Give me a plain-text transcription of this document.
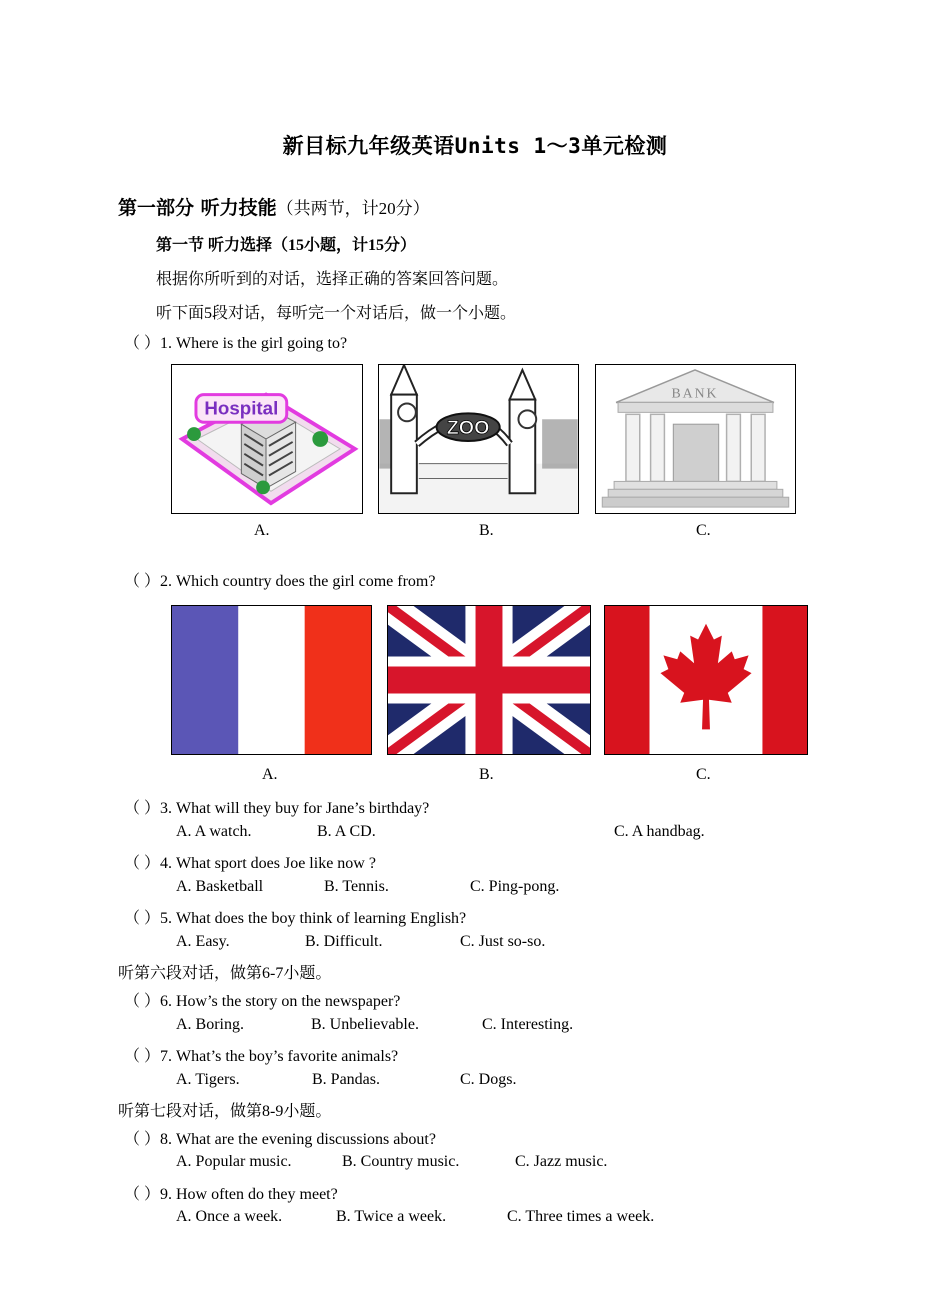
新目标九年级英语Units 1～3单元检测
第一部分 听力技能（共两节，计20分）
第一节 听力选择（15小题，计15分）
根据你所听到的对话，选择正确的答案回答问题。
听下面5段对话，每听完一个对话后，做一个小题。
（ ）1. Where is the girl going to?
Hospital
ZOO
BANK
A.	B.	C.
（ ）2. Which country does the girl come from?
A.	B.	C.
（ ）3. What will they buy for Jane’s birthday?
A. A watch.	B. A CD.	C. A handbag.
（ ）4. What sport does Joe like now ?
A. Basketball	B. Tennis.	C. Ping-pong.
（ ）5. What does the boy think of learning English?
A. Easy.	B. Difficult.	C. Just so-so.
听第六段对话，做第6-7小题。
（ ）6. How’s the story on the newspaper?
A. Boring.	B. Unbelievable.	C. Interesting.
（ ）7. What’s the boy’s favorite animals?
A. Tigers.	B. Pandas.	C. Dogs.
听第七段对话，做第8-9小题。
（ ）8. What are the evening discussions about?
A. Popular music.	B. Country music.	C. Jazz music.
（ ）9. How often do they meet?
A. Once a week.	B. Twice a week.	C. Three times a week.
